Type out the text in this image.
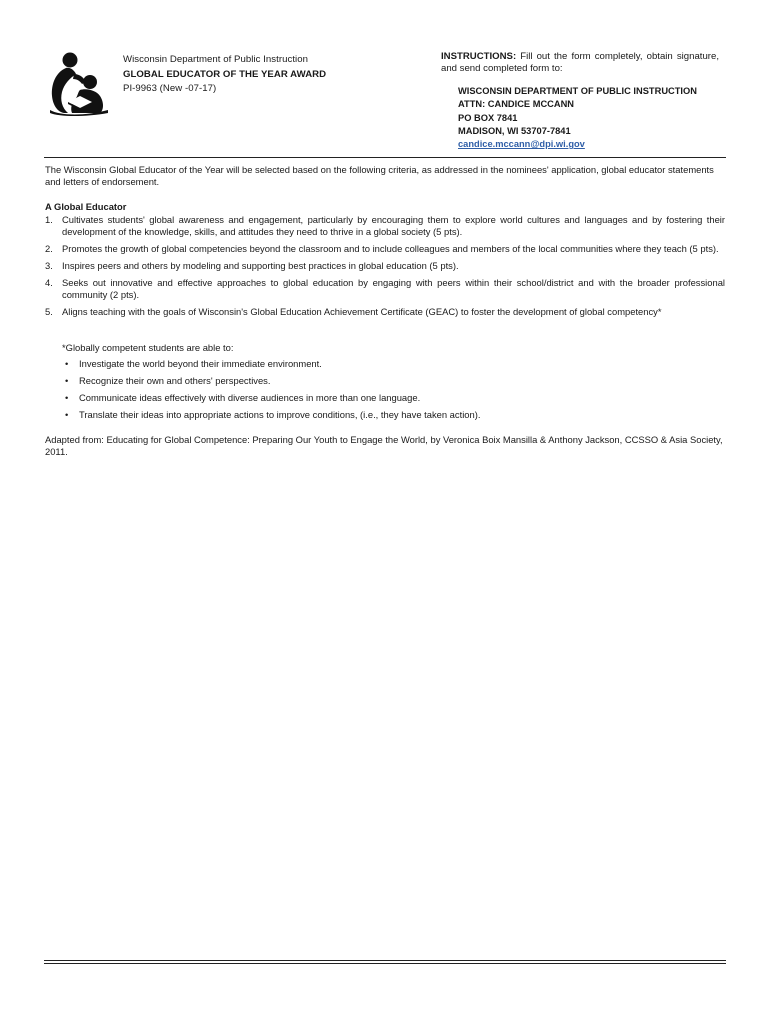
Wisconsin Department of Public Instruction
GLOBAL EDUCATOR OF THE YEAR AWARD
PI-9963 (New -07-17)
INSTRUCTIONS: Fill out the form completely, obtain signature, and send completed form to:
WISCONSIN DEPARTMENT OF PUBLIC INSTRUCTION
ATTN: CANDICE MCCANN
PO BOX 7841
MADISON, WI 53707-7841
candice.mccann@dpi.wi.gov
The Wisconsin Global Educator of the Year will be selected based on the following criteria, as addressed in the nominees' application, global educator statements and letters of endorsement.
A Global Educator
1. Cultivates students' global awareness and engagement, particularly by encouraging them to explore world cultures and languages and by fostering their development of the knowledge, skills, and attitudes they need to thrive in a global society (5 pts).
2. Promotes the growth of global competencies beyond the classroom and to include colleagues and members of the local communities where they teach (5 pts).
3. Inspires peers and others by modeling and supporting best practices in global education (5 pts).
4. Seeks out innovative and effective approaches to global education by engaging with peers within their school/district and with the broader professional community (2 pts).
5. Aligns teaching with the goals of Wisconsin's Global Education Achievement Certificate (GEAC) to foster the development of global competency*
*Globally competent students are able to:
• Investigate the world beyond their immediate environment.
• Recognize their own and others' perspectives.
• Communicate ideas effectively with diverse audiences in more than one language.
• Translate their ideas into appropriate actions to improve conditions, (i.e., they have taken action).
Adapted from: Educating for Global Competence: Preparing Our Youth to Engage the World, by Veronica Boix Mansilla & Anthony Jackson, CCSSO & Asia Society, 2011.
